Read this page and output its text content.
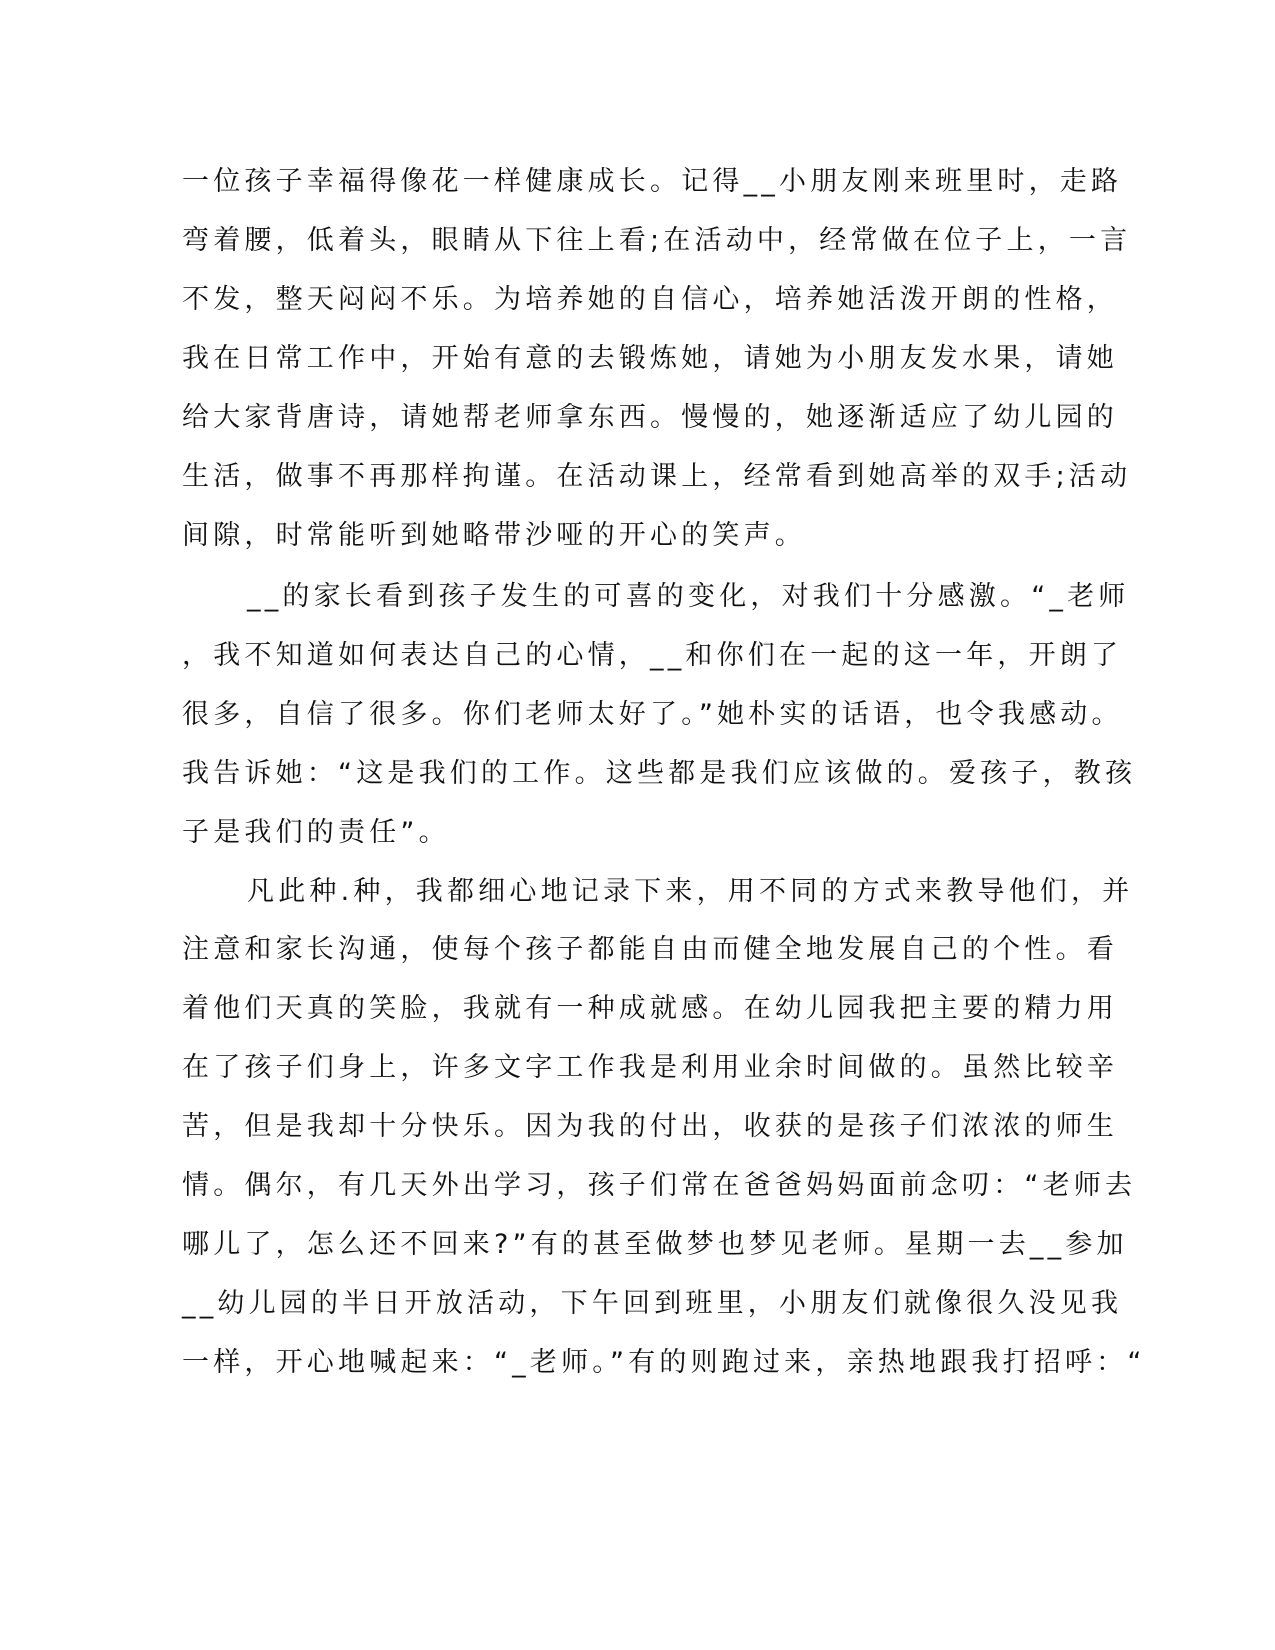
一位孩子幸福得像花一样健康成长。记得__小朋友刚来班里时，走路
弯着腰，低着头，眼睛从下往上看;在活动中，经常做在位子上，一言
不发，整天闷闷不乐。为培养她的自信心，培养她活泼开朗的性格，
我在日常工作中，开始有意的去锻炼她，请她为小朋友发水果，请她
给大家背唐诗，请她帮老师拿东西。慢慢的，她逐渐适应了幼儿园的
生活，做事不再那样拘谨。在活动课上，经常看到她高举的双手;活动
间隙，时常能听到她略带沙哑的开心的笑声。
__的家长看到孩子发生的可喜的变化，对我们十分感激。“_老师
，我不知道如何表达自己的心情，__和你们在一起的这一年，开朗了
很多，自信了很多。你们老师太好了。”她朴实的话语，也令我感动。
我告诉她：“这是我们的工作。这些都是我们应该做的。爱孩子，教孩
子是我们的责任”。
凡此种.种，我都细心地记录下来，用不同的方式来教导他们，并
注意和家长沟通，使每个孩子都能自由而健全地发展自己的个性。看
着他们天真的笑脸，我就有一种成就感。在幼儿园我把主要的精力用
在了孩子们身上，许多文字工作我是利用业余时间做的。虽然比较辛
苦，但是我却十分快乐。因为我的付出，收获的是孩子们浓浓的师生
情。偶尔，有几天外出学习，孩子们常在爸爸妈妈面前念叨：“老师去
哪儿了，怎么还不回来?”有的甚至做梦也梦见老师。星期一去__参加
__幼儿园的半日开放活动，下午回到班里，小朋友们就像很久没见我
一样，开心地喊起来：“_老师。”有的则跑过来，亲热地跟我打招呼：“
